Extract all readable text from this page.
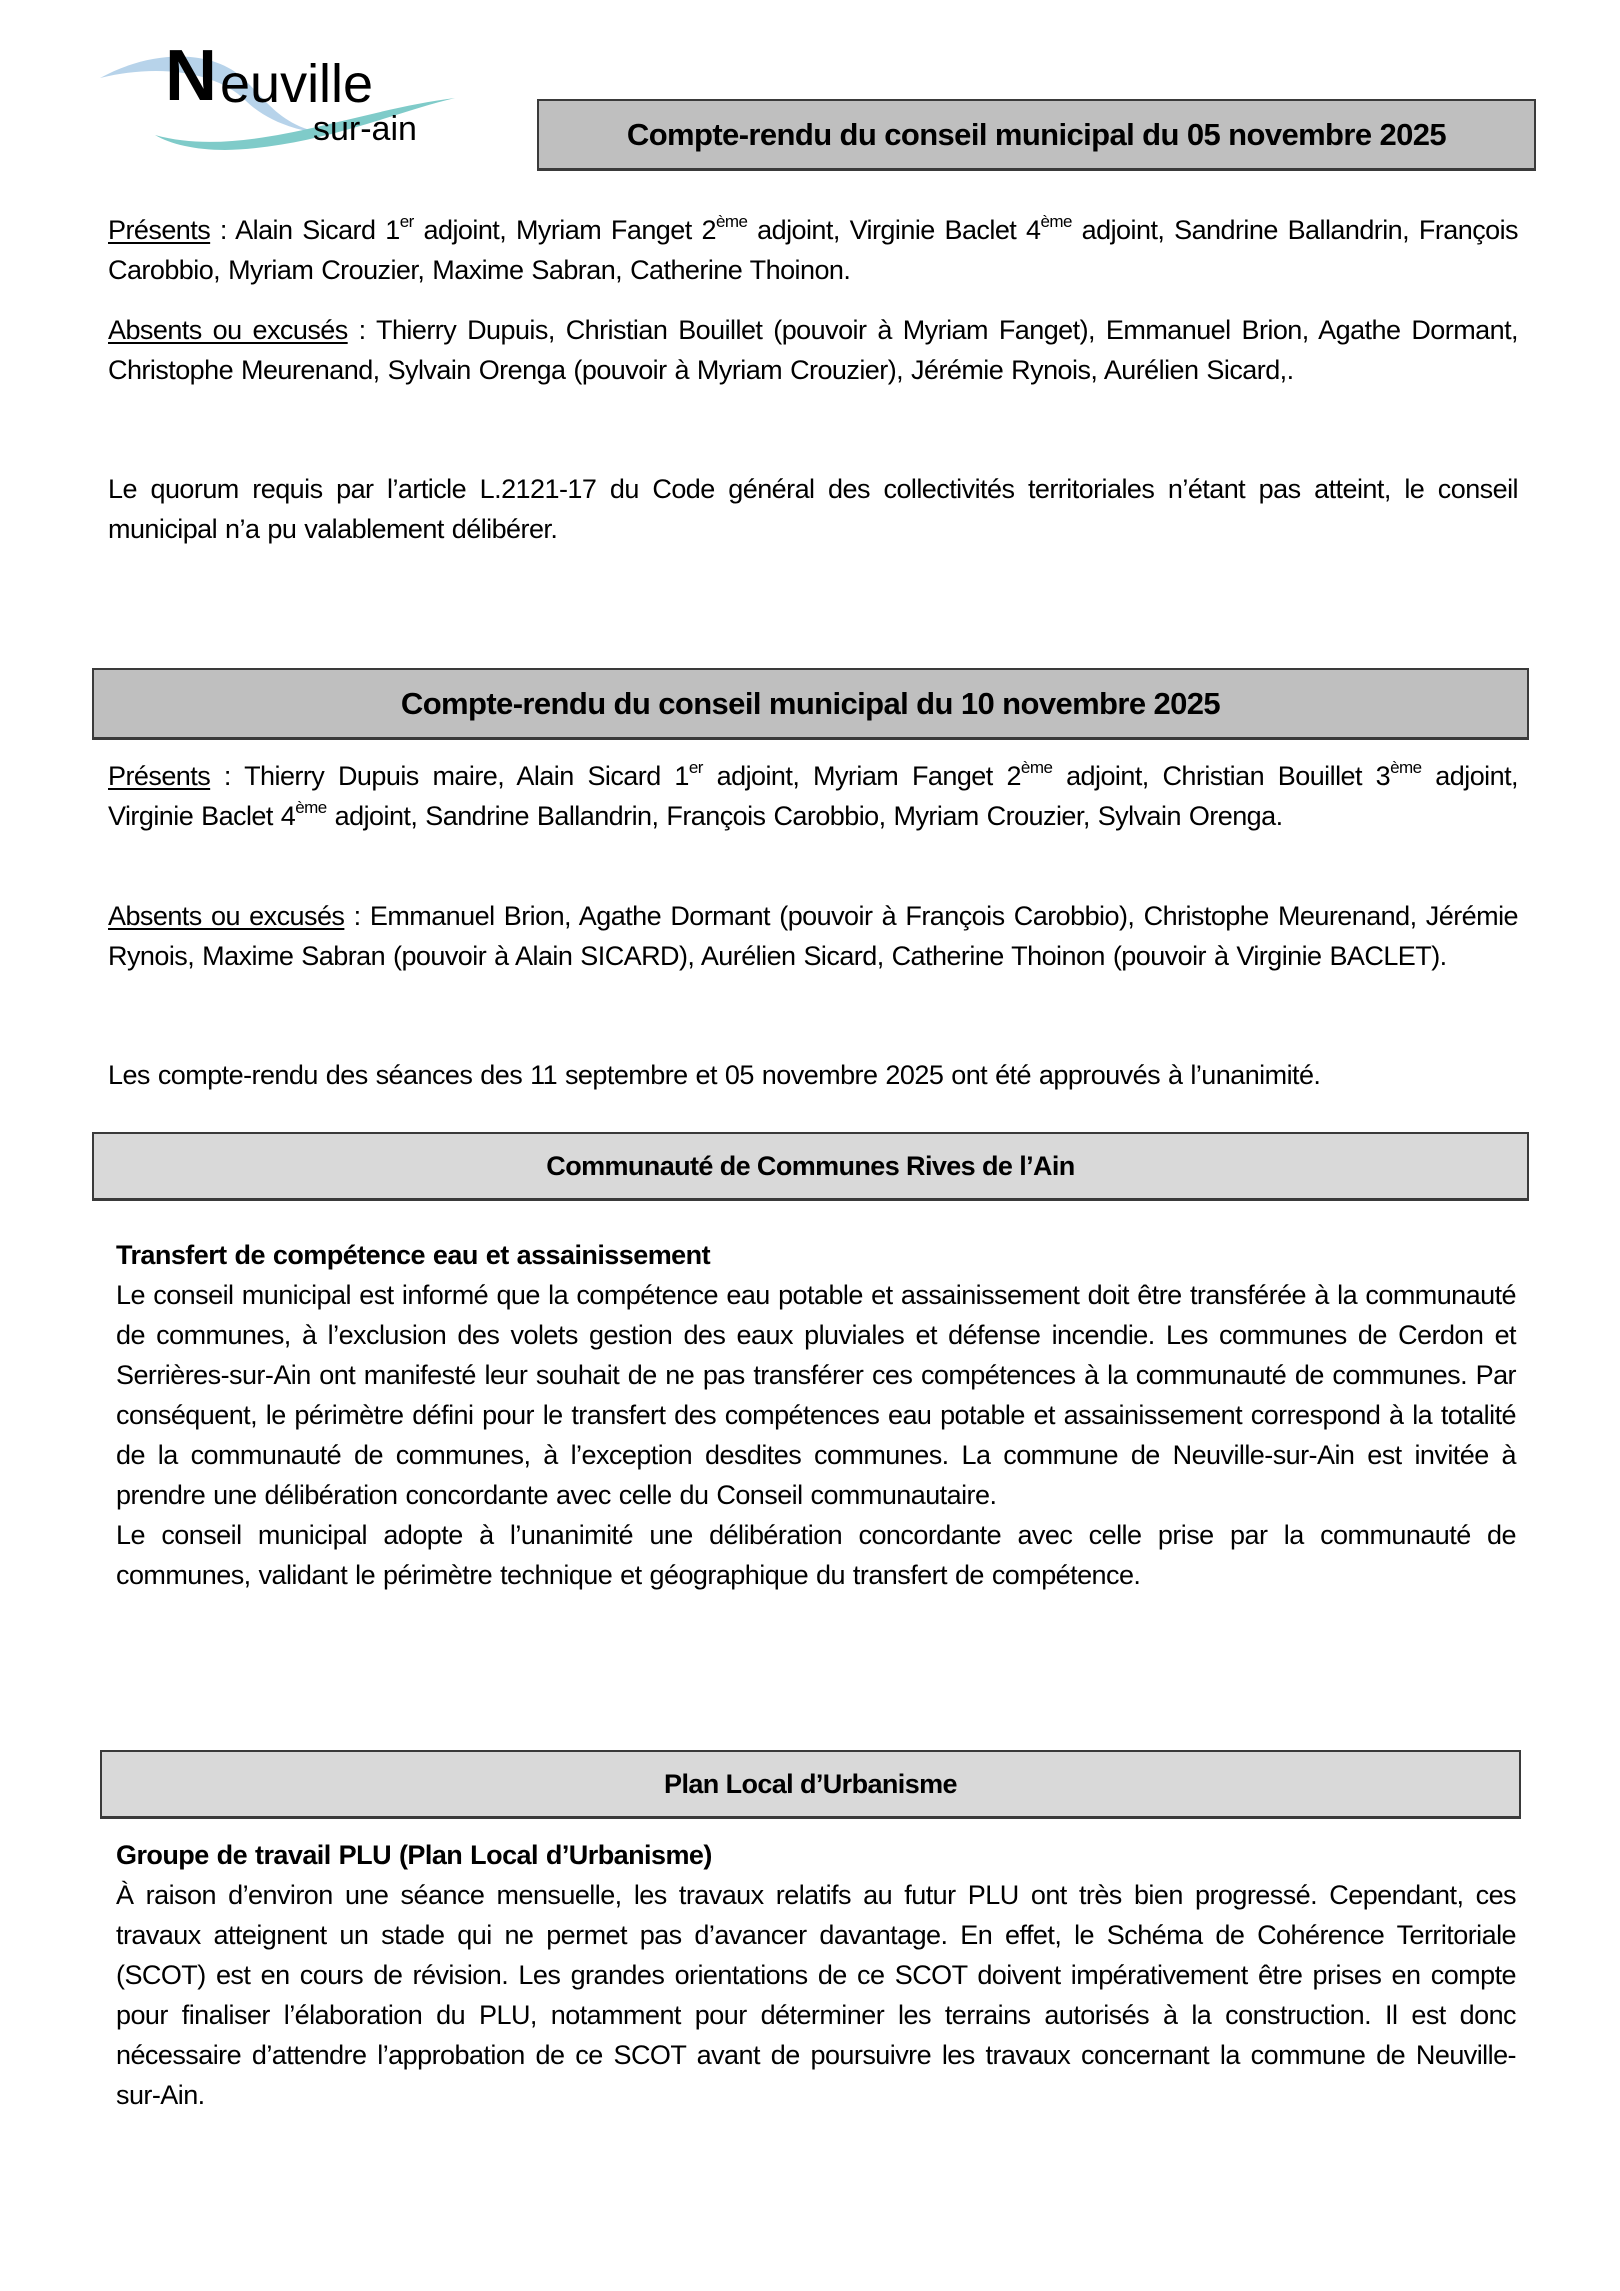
N euville
sur-ain	Compte-rendu du conseil municipal du 05 novembre 2025
Présents : Alain Sicard 1er adjoint, Myriam Fanget 2ème adjoint, Virginie Baclet 4ème adjoint, Sandrine Ballandrin, François Carobbio, Myriam Crouzier, Maxime Sabran, Catherine Thoinon.
Absents ou excusés : Thierry Dupuis, Christian Bouillet (pouvoir à Myriam Fanget), Emmanuel Brion, Agathe Dormant, Christophe Meurenand, Sylvain Orenga (pouvoir à Myriam Crouzier), Jérémie Rynois, Aurélien Sicard,.
Le quorum requis par l’article L.2121-17 du Code général des collectivités territoriales n’étant pas atteint, le conseil municipal n’a pu valablement délibérer.
Compte-rendu du conseil municipal du 10 novembre 2025
Présents : Thierry Dupuis maire, Alain Sicard 1er adjoint, Myriam Fanget 2ème adjoint, Christian Bouillet 3ème adjoint, Virginie Baclet 4ème adjoint, Sandrine Ballandrin, François Carobbio, Myriam Crouzier, Sylvain Orenga.
Absents ou excusés : Emmanuel Brion, Agathe Dormant (pouvoir à François Carobbio), Christophe Meurenand, Jérémie Rynois, Maxime Sabran (pouvoir à Alain SICARD), Aurélien Sicard, Catherine Thoinon (pouvoir à Virginie BACLET).
Les compte-rendu des séances des 11 septembre et 05 novembre 2025 ont été approuvés à l’unanimité.
Communauté de Communes Rives de l’Ain
Transfert de compétence eau et assainissement
Le conseil municipal est informé que la compétence eau potable et assainissement doit être transférée à la communauté de communes, à l’exclusion des volets gestion des eaux pluviales et défense incendie. Les communes de Cerdon et Serrières-sur-Ain ont manifesté leur souhait de ne pas transférer ces compétences à la communauté de communes. Par conséquent, le périmètre défini pour le transfert des compétences eau potable et assainissement correspond à la totalité de la communauté de communes, à l’exception desdites communes. La commune de Neuville-sur-Ain est invitée à prendre une délibération concordante avec celle du Conseil communautaire.
Le conseil municipal adopte à l’unanimité une délibération concordante avec celle prise par la communauté de communes, validant le périmètre technique et géographique du transfert de compétence.
Plan Local d’Urbanisme
Groupe de travail PLU (Plan Local d’Urbanisme)
À raison d’environ une séance mensuelle, les travaux relatifs au futur PLU ont très bien progressé. Cependant, ces travaux atteignent un stade qui ne permet pas d’avancer davantage. En effet, le Schéma de Cohérence Territoriale (SCOT) est en cours de révision. Les grandes orientations de ce SCOT doivent impérativement être prises en compte pour finaliser l’élaboration du PLU, notamment pour déterminer les terrains autorisés à la construction. Il est donc nécessaire d’attendre l’approbation de ce SCOT avant de poursuivre les travaux concernant la commune de Neuville-sur-Ain.
